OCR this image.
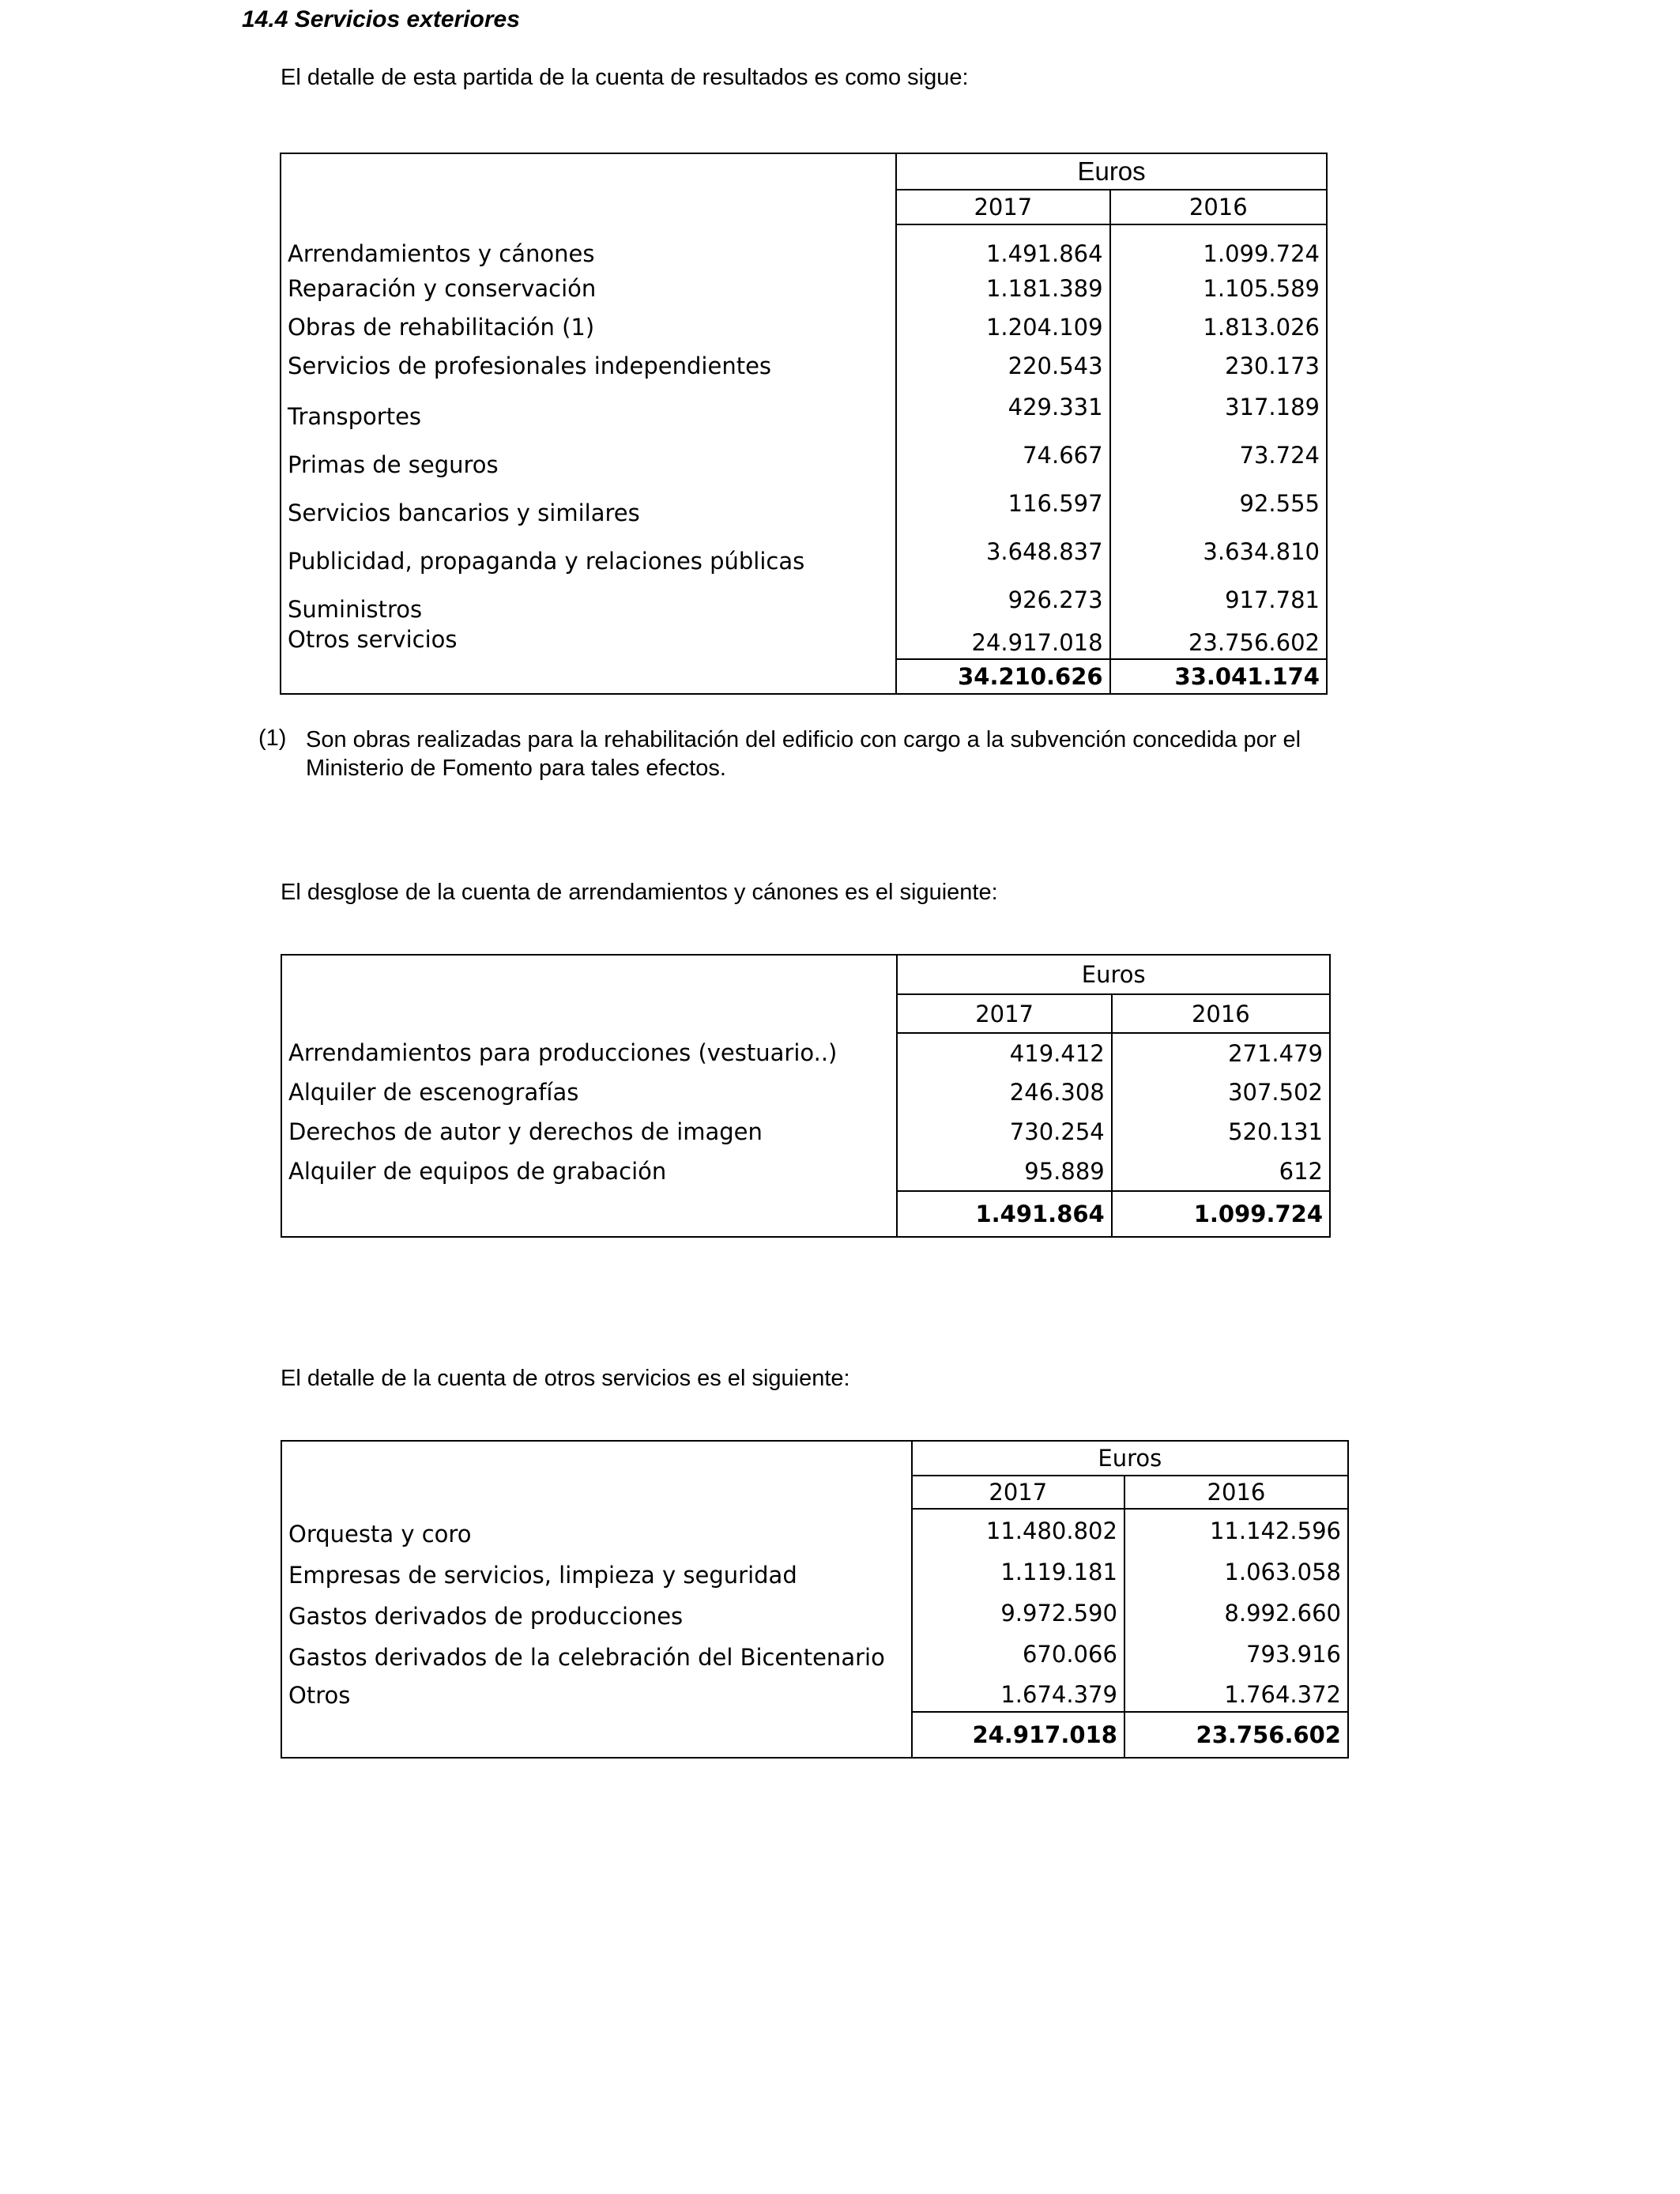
14.4 Servicios exteriores
El detalle de esta partida de la cuenta de resultados es como sigue:
	Euros	
	2017	2016
Arrendamientos y cánones	1.491.864	1.099.724
Reparación y conservación	1.181.389	1.105.589
Obras de rehabilitación (1)	1.204.109	1.813.026
Servicios de profesionales independientes	220.543	230.173
Transportes	429.331	317.189
Primas de seguros	74.667	73.724
Servicios bancarios y similares	116.597	92.555
Publicidad, propaganda y relaciones públicas	3.648.837	3.634.810
Suministros	926.273	917.781
Otros servicios	24.917.018	23.756.602
	34.210.626	33.041.174
(1) Son obras realizadas para la rehabilitación del edificio con cargo a la subvención concedida por el
Ministerio de Fomento para tales efectos.
El desglose de la cuenta de arrendamientos y cánones es el siguiente:
	Euros	
	2017	2016
Arrendamientos para producciones (vestuario..)	419.412	271.479
Alquiler de escenografías	246.308	307.502
Derechos de autor y derechos de imagen	730.254	520.131
Alquiler de equipos de grabación	95.889	612
	1.491.864	1.099.724
El detalle de la cuenta de otros servicios es el siguiente:
	Euros	
	2017	2016
Orquesta y coro	11.480.802	11.142.596
Empresas de servicios, limpieza y seguridad	1.119.181	1.063.058
Gastos derivados de producciones	9.972.590	8.992.660
Gastos derivados de la celebración del Bicentenario	670.066	793.916
Otros	1.674.379	1.764.372
	24.917.018	23.756.602
